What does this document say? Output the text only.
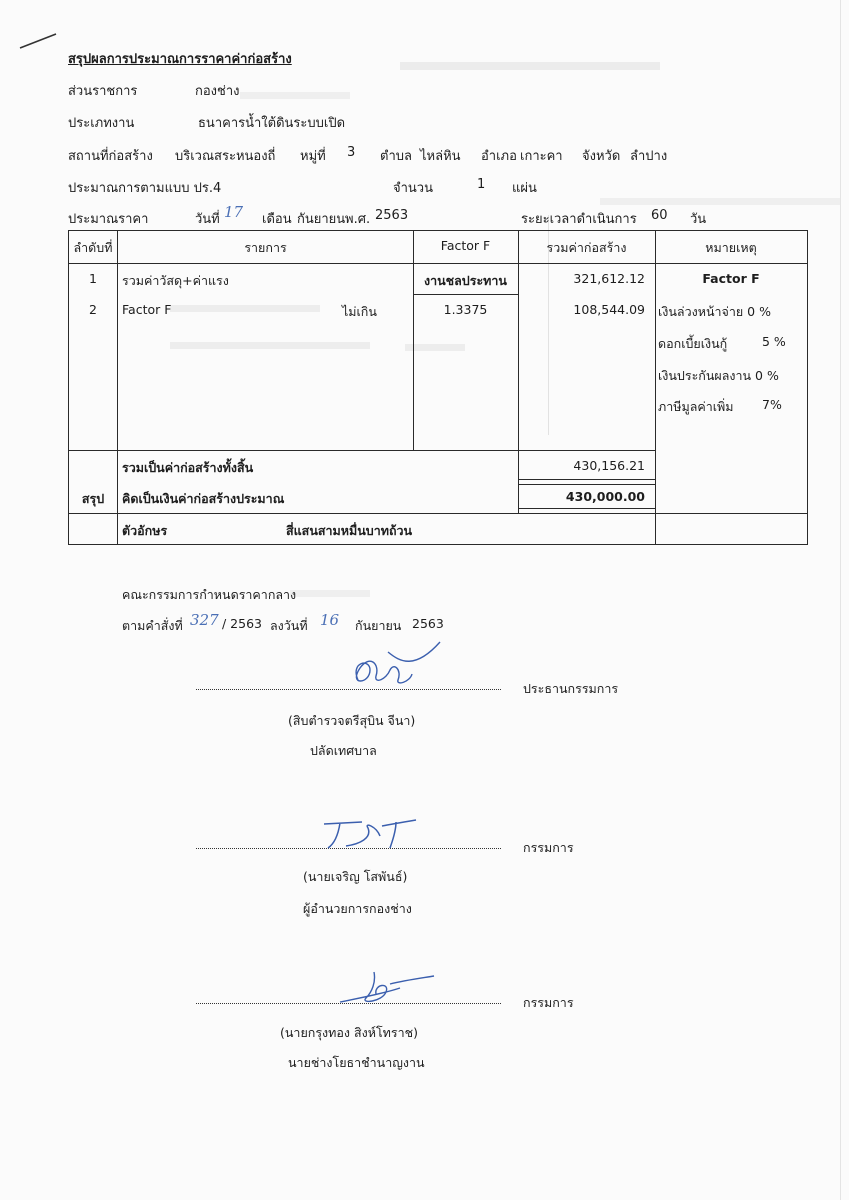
สรุปผลการประมาณการราคาค่าก่อสร้าง
ส่วนราชการ	กองช่าง
ประเภทงาน	ธนาคารน้ำใต้ดินระบบเปิด
สถานที่ก่อสร้าง บริเวณสระหนองถี่ หมู่ที่ 3 ตำบล ไหล่หิน อำเภอ เกาะคา จังหวัด ลำปาง
ประมาณการตามแบบ ปร.4	จำนวน	1 แผ่น
ประมาณราคา	วันที่ 17 เดือน กันยายน พ.ศ. 2563	ระยะเวลาดำเนินการ 60 วัน
ลำดับที่	รายการ	Factor F	รวมค่าก่อสร้าง	หมายเหตุ
1	รวมค่าวัสดุ+ค่าแรง	งานชลประทาน	321,612.12
2	Factor F	ไม่เกิน	1.3375	108,544.09
Factor F
เงินล่วงหน้าจ่าย 0 %
ดอกเบี้ยเงินกู้	5 %
เงินประกันผลงาน 0 %
ภาษีมูลค่าเพิ่ม 7%
สรุป
รวมเป็นค่าก่อสร้างทั้งสิ้น	430,156.21
คิดเป็นเงินค่าก่อสร้างประมาณ	430,000.00
ตัวอักษร	สี่แสนสามหมื่นบาทถ้วน
คณะกรรมการกำหนดราคากลาง
ตามคำสั่งที่ 327 / 2563 ลงวันที่ 16 กันยายน 2563
ประธานกรรมการ
(สิบตำรวจตรีสุบิน จีนา)
ปลัดเทศบาล
กรรมการ
(นายเจริญ โสพันธ์)
ผู้อำนวยการกองช่าง
กรรมการ
(นายกรุงทอง สิงห์โทราช)
นายช่างโยธาชำนาญงาน
